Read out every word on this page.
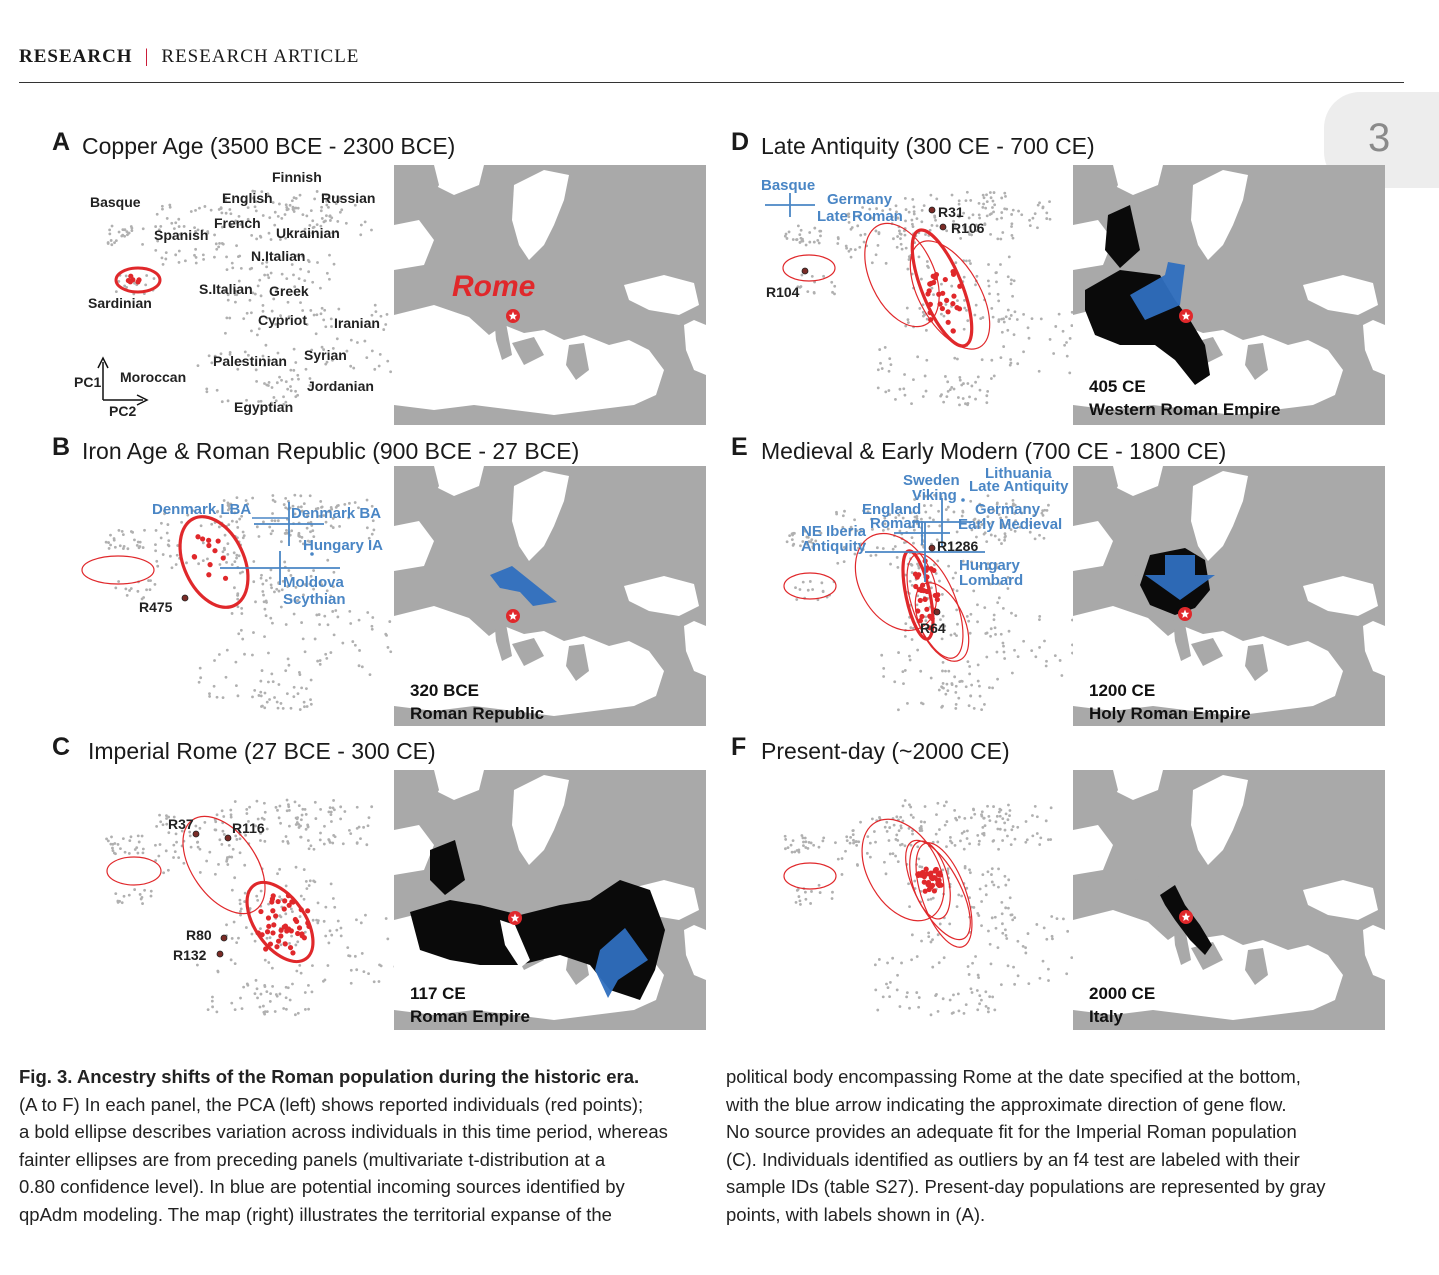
RESEARCH | RESEARCH ARTICLE
3
A Copper Age (3500 BCE - 2300 BCE)
B Iron Age & Roman Republic (900 BCE - 27 BCE)
C Imperial Rome (27 BCE - 300 CE)
D Late Antiquity (300 CE - 700 CE)
E Medieval & Early Modern (700 CE - 1800 CE)
F Present-day (~2000 CE)
Finnish
Basque	English	Russian
French
Spanish	Ukrainian
N.Italian
Sardinian
S.Italian Greek
Cypriot Iranian
Palestinian Syrian
Moroccan
Jordanian
Egyptian
PC1
PC2
Rome
Denmark LBA	Denmark BA
Hungary IA
Moldova
Scythian
R475
320 BCE
Roman Republic
R37	R116
R80
R132
117 CE
Roman Empire
Basque
Germany
Late Roman	R31
R106
R104
405 CE
Western Roman Empire
Sweden
Viking
Lithuania
Late Antiquity
England
Roman
Germany
Early Medieval
NE Iberia
Antiquity
Hungary
Lombard
R1286
R64
1200 CE
Holy Roman Empire
2000 CE
Italy
Fig. 3. Ancestry shifts of the Roman population during the historic era.
(A to F) In each panel, the PCA (left) shows reported individuals (red points);
a bold ellipse describes variation across individuals in this time period, whereas
fainter ellipses are from preceding panels (multivariate t-distribution at a
0.80 confidence level). In blue are potential incoming sources identified by
qpAdm modeling. The map (right) illustrates the territorial expanse of the
political body encompassing Rome at the date specified at the bottom,
with the blue arrow indicating the approximate direction of gene flow.
No source provides an adequate fit for the Imperial Roman population
(C). Individuals identified as outliers by an f4 test are labeled with their
sample IDs (table S27). Present-day populations are represented by gray
points, with labels shown in (A).
